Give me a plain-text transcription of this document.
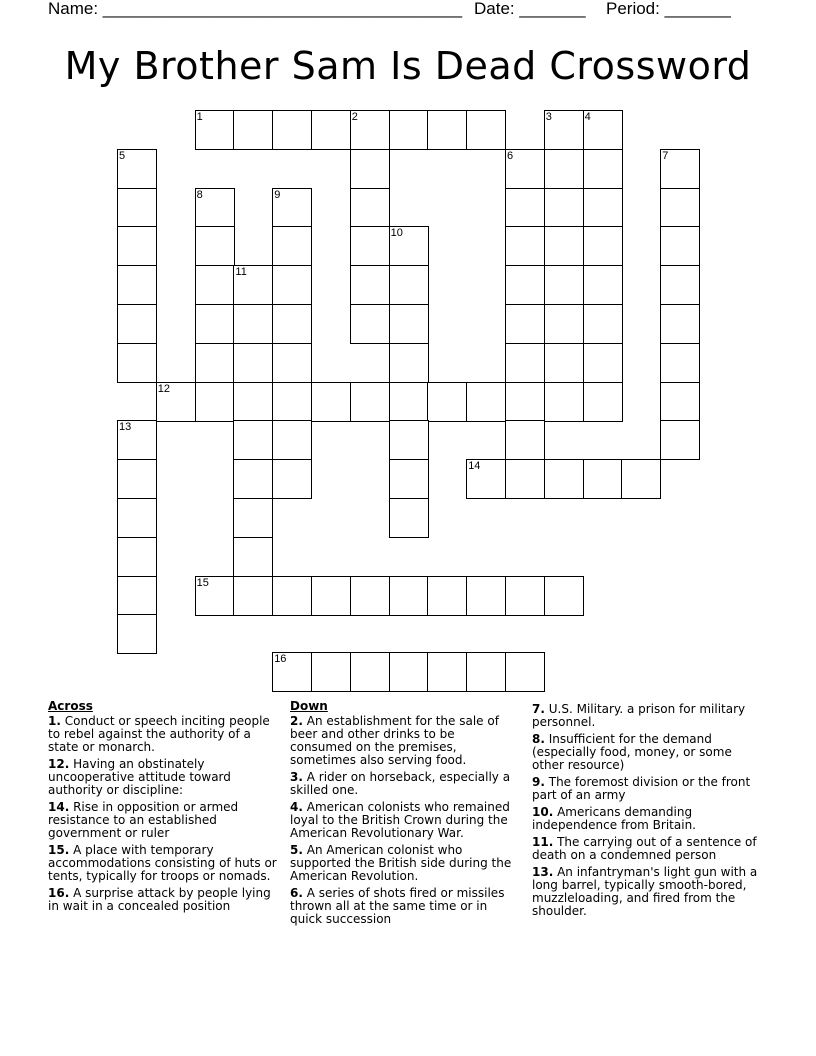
Name: ______________________________________ Date: _______ Period: _______
My Brother Sam Is Dead Crossword
1	2	3	4
5	6	7
8	9
10
11
12
13
14
15
16
Across
1. Conduct or speech inciting people to rebel against the authority of a state or monarch.
12. Having an obstinately uncooperative attitude toward authority or discipline:
14. Rise in opposition or armed resistance to an established government or ruler
15. A place with temporary accommodations consisting of huts or tents, typically for troops or nomads.
16. A surprise attack by people lying in wait in a concealed position
Down
2. An establishment for the sale of beer and other drinks to be consumed on the premises, sometimes also serving food.
3. A rider on horseback, especially a skilled one.
4. American colonists who remained loyal to the British Crown during the American Revolutionary War.
5. An American colonist who supported the British side during the American Revolution.
6. A series of shots fired or missiles thrown all at the same time or in quick succession
7. U.S. Military. a prison for military personnel.
8. Insufficient for the demand (especially food, money, or some other resource)
9. The foremost division or the front part of an army
10. Americans demanding independence from Britain.
11. The carrying out of a sentence of death on a condemned person
13. An infantryman's light gun with a long barrel, typically smooth-bored, muzzleloading, and fired from the shoulder.
